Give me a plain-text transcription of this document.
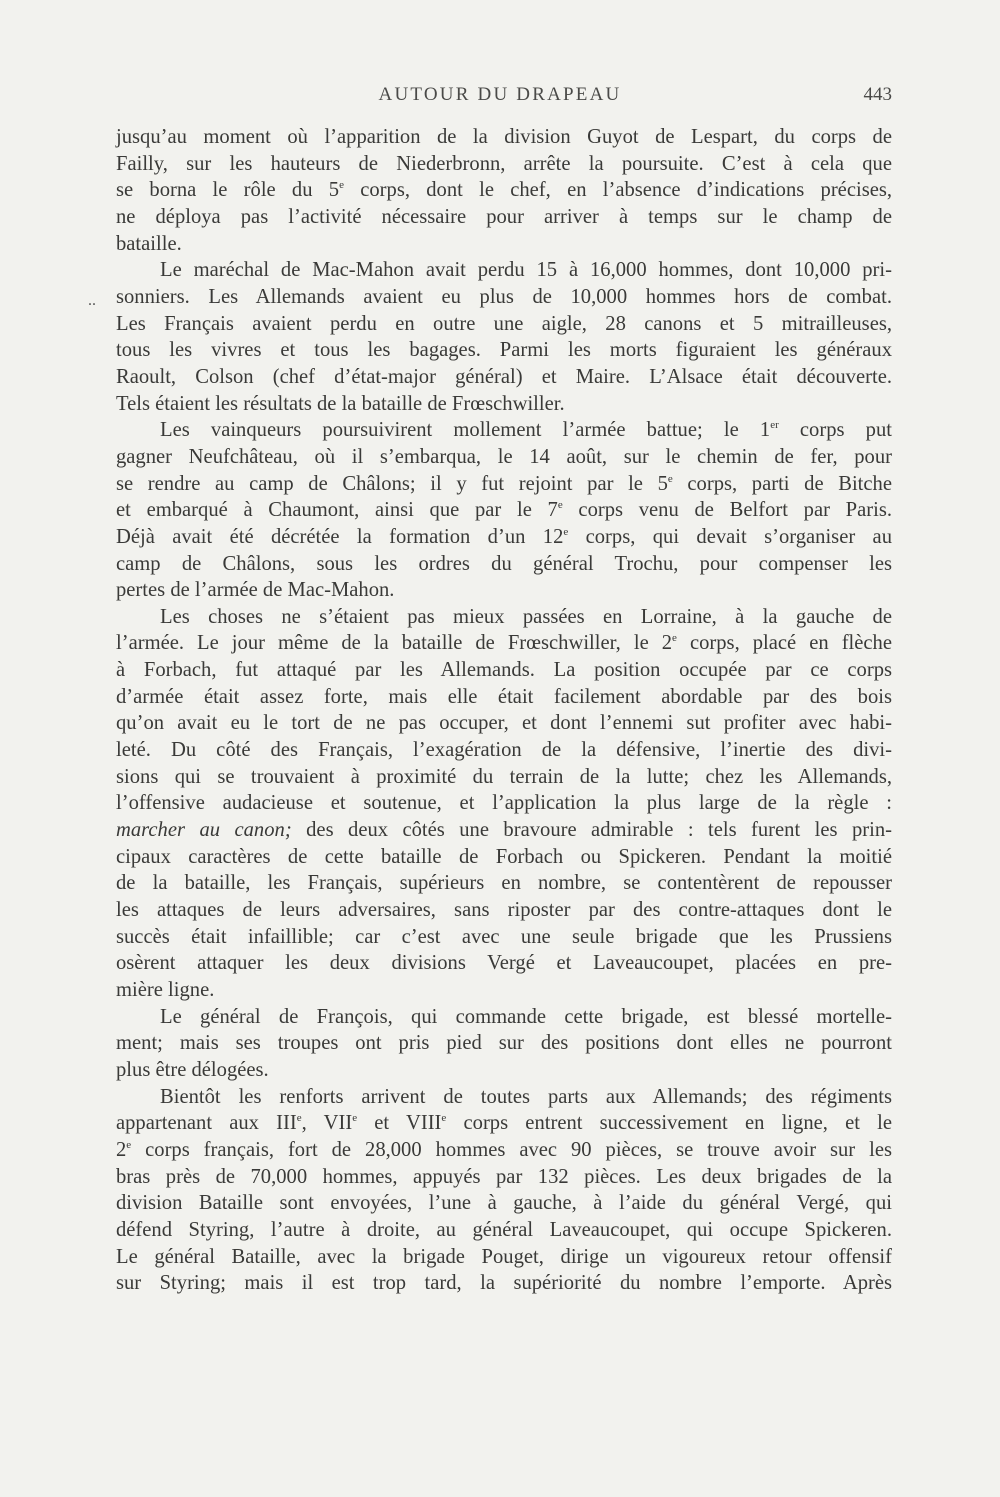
AUTOUR DU DRAPEAU	443
..
jusqu’au moment où l’apparition de la division Guyot de Lespart, du corps de
Failly, sur les hauteurs de Niederbronn, arrête la poursuite. C’est à cela que
se borna le rôle du 5e corps, dont le chef, en l’absence d’indications précises,
ne déploya pas l’activité nécessaire pour arriver à temps sur le champ de
bataille.
Le maréchal de Mac-Mahon avait perdu 15 à 16,000 hommes, dont 10,000 pri-
sonniers. Les Allemands avaient eu plus de 10,000 hommes hors de combat.
Les Français avaient perdu en outre une aigle, 28 canons et 5 mitrailleuses,
tous les vivres et tous les bagages. Parmi les morts figuraient les généraux
Raoult, Colson (chef d’état-major général) et Maire. L’Alsace était découverte.
Tels étaient les résultats de la bataille de Frœschwiller.
Les vainqueurs poursuivirent mollement l’armée battue; le 1er corps put
gagner Neufchâteau, où il s’embarqua, le 14 août, sur le chemin de fer, pour
se rendre au camp de Châlons; il y fut rejoint par le 5e corps, parti de Bitche
et embarqué à Chaumont, ainsi que par le 7e corps venu de Belfort par Paris.
Déjà avait été décrétée la formation d’un 12e corps, qui devait s’organiser au
camp de Châlons, sous les ordres du général Trochu, pour compenser les
pertes de l’armée de Mac-Mahon.
Les choses ne s’étaient pas mieux passées en Lorraine, à la gauche de
l’armée. Le jour même de la bataille de Frœschwiller, le 2e corps, placé en flèche
à Forbach, fut attaqué par les Allemands. La position occupée par ce corps
d’armée était assez forte, mais elle était facilement abordable par des bois
qu’on avait eu le tort de ne pas occuper, et dont l’ennemi sut profiter avec habi-
leté. Du côté des Français, l’exagération de la défensive, l’inertie des divi-
sions qui se trouvaient à proximité du terrain de la lutte; chez les Allemands,
l’offensive audacieuse et soutenue, et l’application la plus large de la règle :
marcher au canon; des deux côtés une bravoure admirable : tels furent les prin-
cipaux caractères de cette bataille de Forbach ou Spickeren. Pendant la moitié
de la bataille, les Français, supérieurs en nombre, se contentèrent de repousser
les attaques de leurs adversaires, sans riposter par des contre-attaques dont le
succès était infaillible; car c’est avec une seule brigade que les Prussiens
osèrent attaquer les deux divisions Vergé et Laveaucoupet, placées en pre-
mière ligne.
Le général de François, qui commande cette brigade, est blessé mortelle-
ment; mais ses troupes ont pris pied sur des positions dont elles ne pourront
plus être délogées.
Bientôt les renforts arrivent de toutes parts aux Allemands; des régiments
appartenant aux IIIe, VIIe et VIIIe corps entrent successivement en ligne, et le
2e corps français, fort de 28,000 hommes avec 90 pièces, se trouve avoir sur les
bras près de 70,000 hommes, appuyés par 132 pièces. Les deux brigades de la
division Bataille sont envoyées, l’une à gauche, à l’aide du général Vergé, qui
défend Styring, l’autre à droite, au général Laveaucoupet, qui occupe Spickeren.
Le général Bataille, avec la brigade Pouget, dirige un vigoureux retour offensif
sur Styring; mais il est trop tard, la supériorité du nombre l’emporte. Après
